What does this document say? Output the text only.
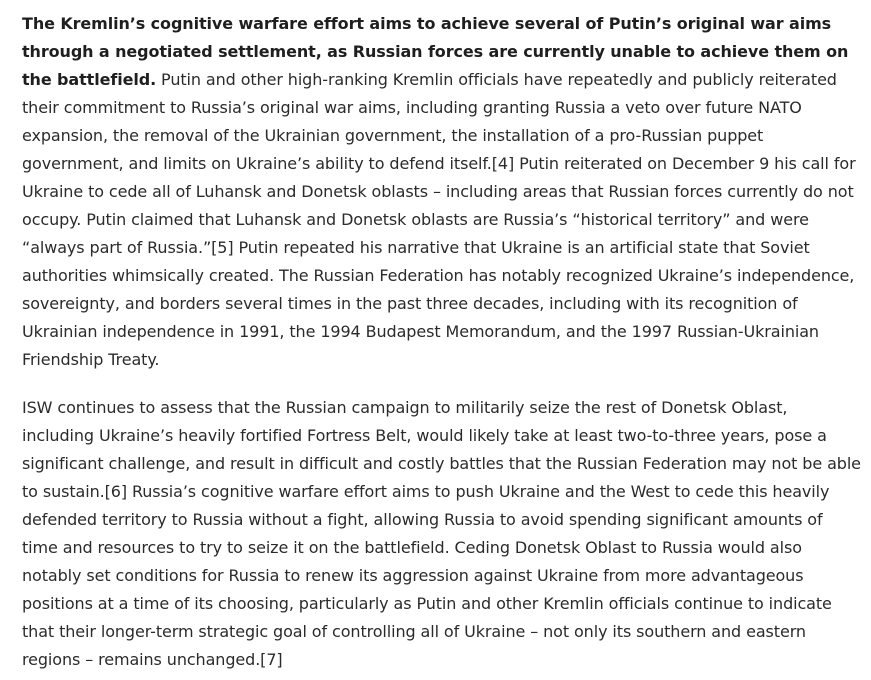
The Kremlin’s cognitive warfare effort aims to achieve several of Putin’s original war aims through a negotiated settlement, as Russian forces are currently unable to achieve them on the battlefield. Putin and other high-ranking Kremlin officials have repeatedly and publicly reiterated their commitment to Russia’s original war aims, including granting Russia a veto over future NATO expansion, the removal of the Ukrainian government, the installation of a pro-Russian puppet government, and limits on Ukraine’s ability to defend itself.[4] Putin reiterated on December 9 his call for Ukraine to cede all of Luhansk and Donetsk oblasts – including areas that Russian forces currently do not occupy. Putin claimed that Luhansk and Donetsk oblasts are Russia’s “historical territory” and were “always part of Russia.”[5] Putin repeated his narrative that Ukraine is an artificial state that Soviet authorities whimsically created. The Russian Federation has notably recognized Ukraine’s independence, sovereignty, and borders several times in the past three decades, including with its recognition of Ukrainian independence in 1991, the 1994 Budapest Memorandum, and the 1997 Russian-Ukrainian Friendship Treaty.

ISW continues to assess that the Russian campaign to militarily seize the rest of Donetsk Oblast, including Ukraine’s heavily fortified Fortress Belt, would likely take at least two-to-three years, pose a significant challenge, and result in difficult and costly battles that the Russian Federation may not be able to sustain.[6] Russia’s cognitive warfare effort aims to push Ukraine and the West to cede this heavily defended territory to Russia without a fight, allowing Russia to avoid spending significant amounts of time and resources to try to seize it on the battlefield. Ceding Donetsk Oblast to Russia would also notably set conditions for Russia to renew its aggression against Ukraine from more advantageous positions at a time of its choosing, particularly as Putin and other Kremlin officials continue to indicate that their longer-term strategic goal of controlling all of Ukraine – not only its southern and eastern regions – remains unchanged.[7]
